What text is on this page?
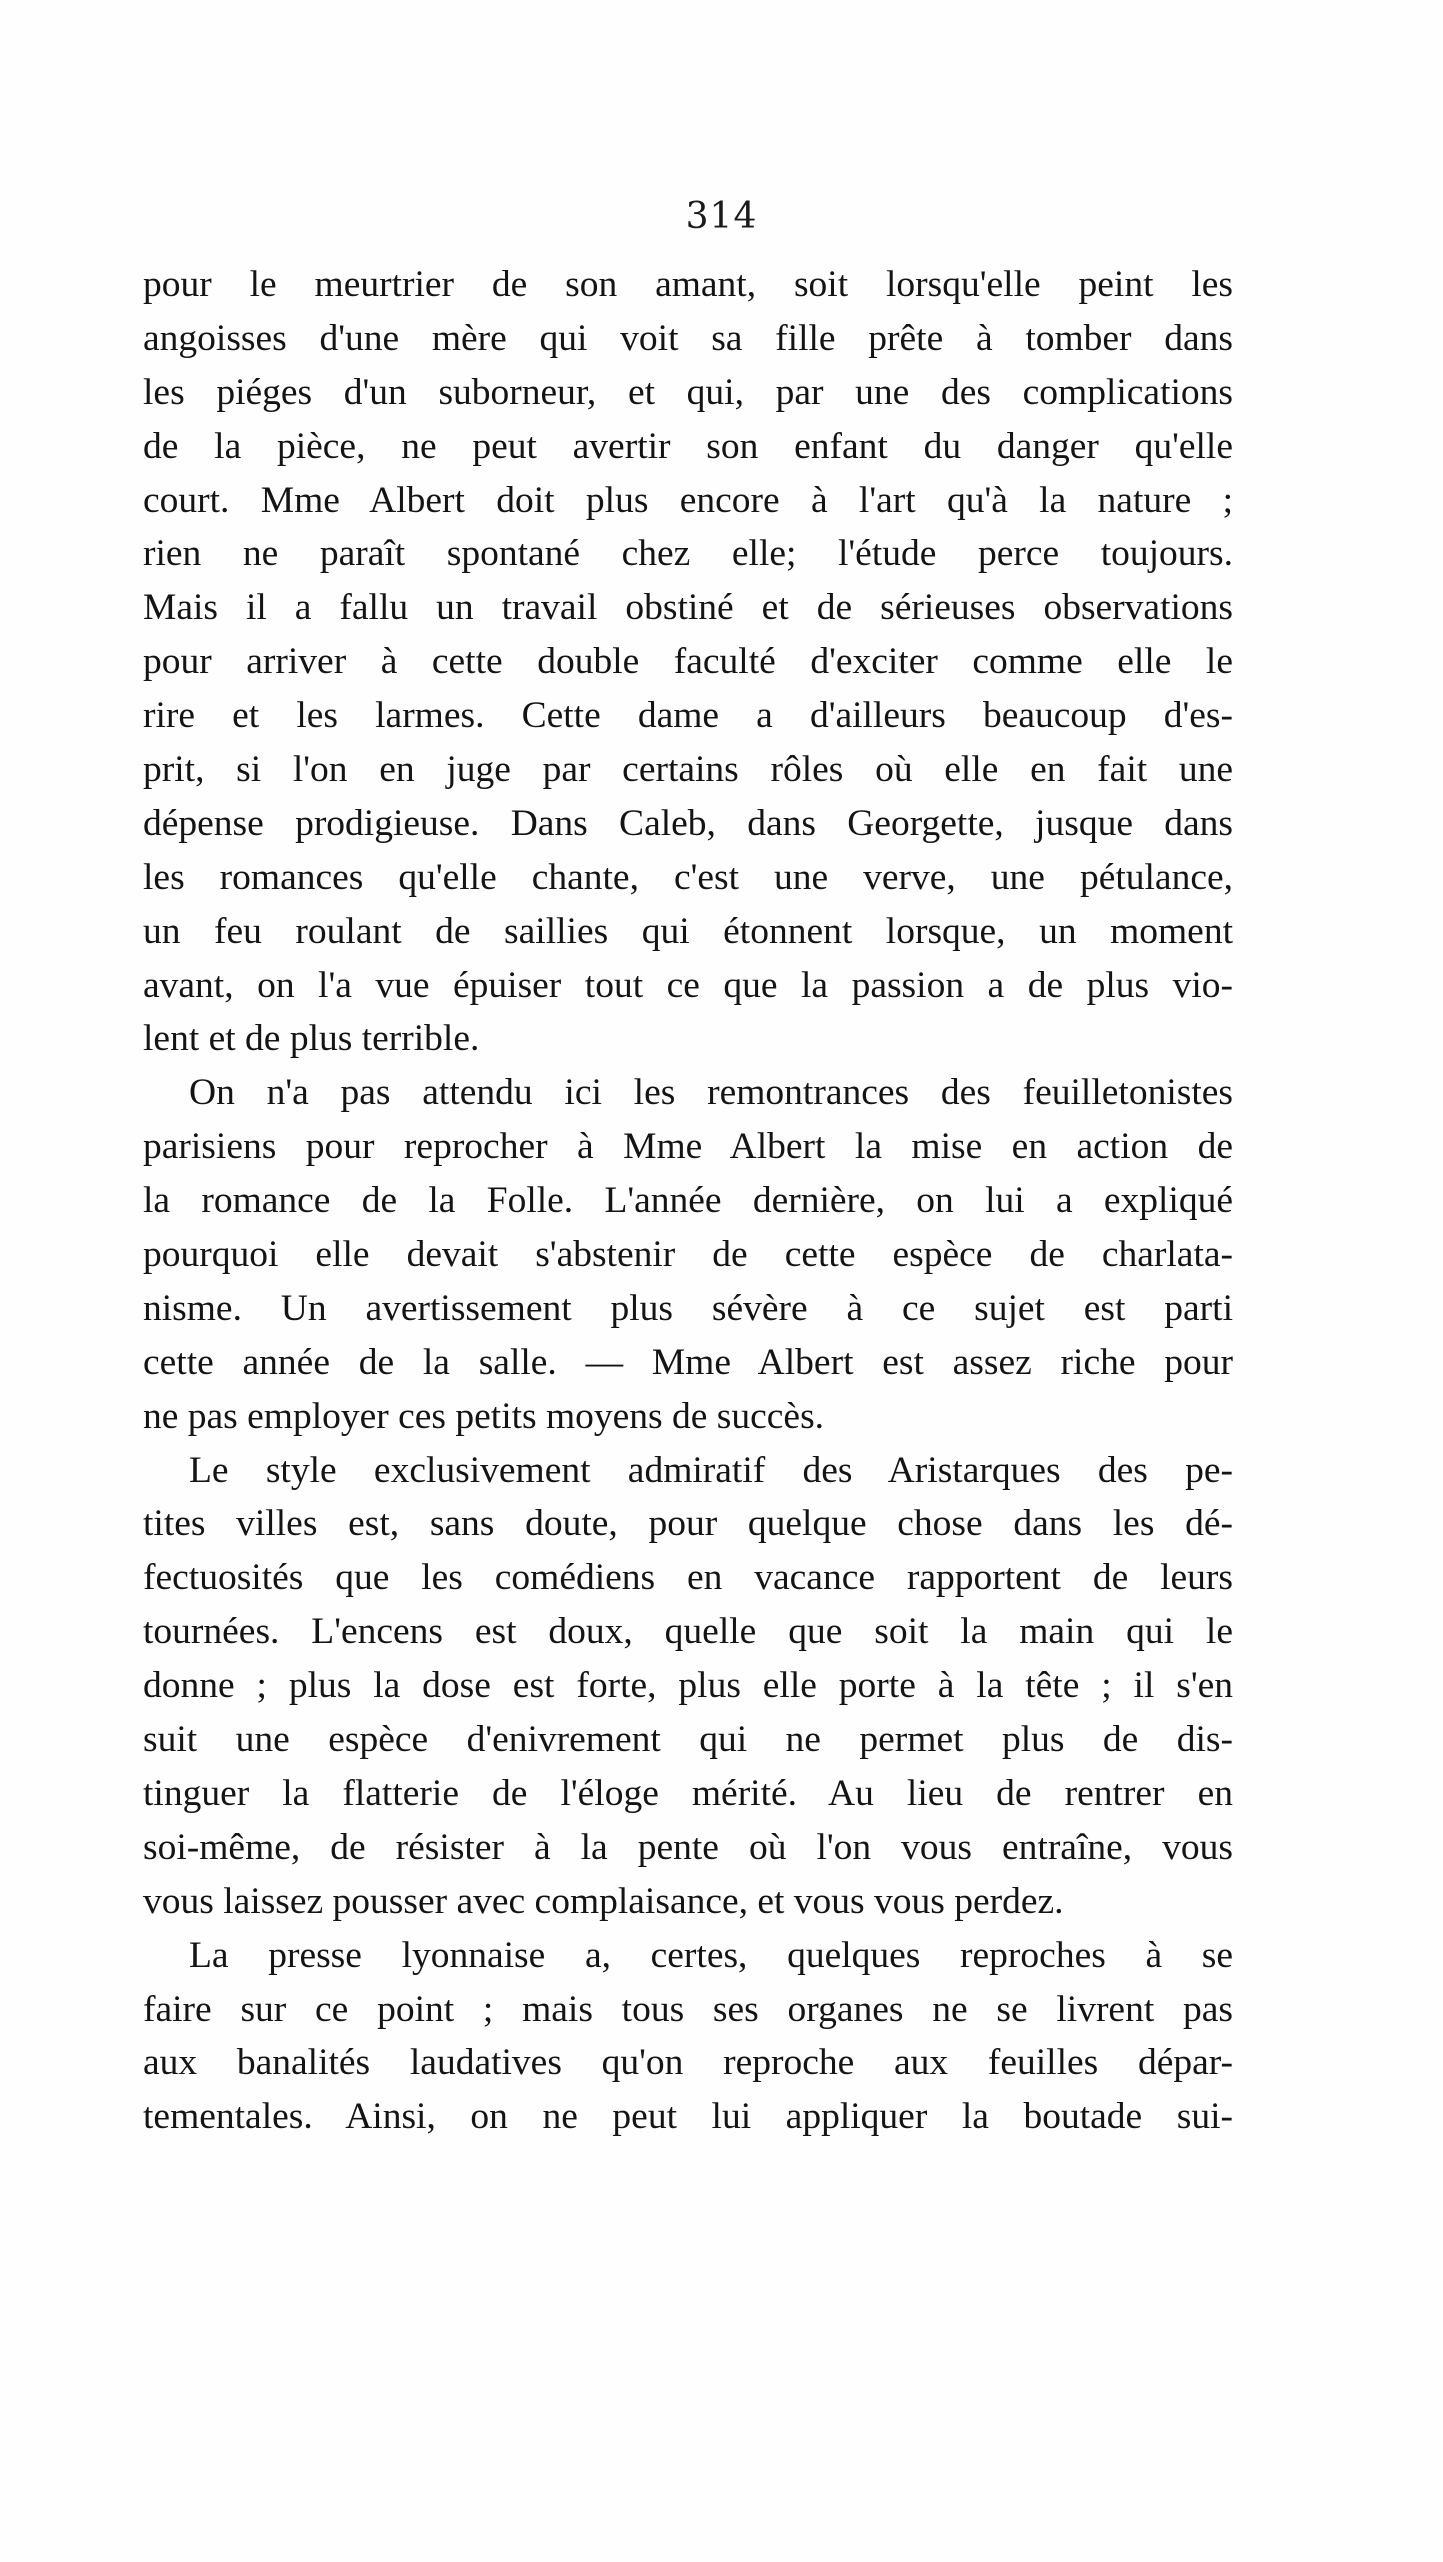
314
pour le meurtrier de son amant, soit lorsqu'elle peint les
angoisses d'une mère qui voit sa fille prête à tomber dans
les piéges d'un suborneur, et qui, par une des complications
de la pièce, ne peut avertir son enfant du danger qu'elle
court. Mme Albert doit plus encore à l'art qu'à la nature ;
rien ne paraît spontané chez elle; l'étude perce toujours.
Mais il a fallu un travail obstiné et de sérieuses observations
pour arriver à cette double faculté d'exciter comme elle le
rire et les larmes. Cette dame a d'ailleurs beaucoup d'es-
prit, si l'on en juge par certains rôles où elle en fait une
dépense prodigieuse. Dans Caleb, dans Georgette, jusque dans
les romances qu'elle chante, c'est une verve, une pétulance,
un feu roulant de saillies qui étonnent lorsque, un moment
avant, on l'a vue épuiser tout ce que la passion a de plus vio-
lent et de plus terrible.
On n'a pas attendu ici les remontrances des feuilletonistes
parisiens pour reprocher à Mme Albert la mise en action de
la romance de la Folle. L'année dernière, on lui a expliqué
pourquoi elle devait s'abstenir de cette espèce de charlata-
nisme. Un avertissement plus sévère à ce sujet est parti
cette année de la salle. — Mme Albert est assez riche pour
ne pas employer ces petits moyens de succès.
Le style exclusivement admiratif des Aristarques des pe-
tites villes est, sans doute, pour quelque chose dans les dé-
fectuosités que les comédiens en vacance rapportent de leurs
tournées. L'encens est doux, quelle que soit la main qui le
donne ; plus la dose est forte, plus elle porte à la tête ; il s'en
suit une espèce d'enivrement qui ne permet plus de dis-
tinguer la flatterie de l'éloge mérité. Au lieu de rentrer en
soi-même, de résister à la pente où l'on vous entraîne, vous
vous laissez pousser avec complaisance, et vous vous perdez.
La presse lyonnaise a, certes, quelques reproches à se
faire sur ce point ; mais tous ses organes ne se livrent pas
aux banalités laudatives qu'on reproche aux feuilles dépar-
tementales. Ainsi, on ne peut lui appliquer la boutade sui-
